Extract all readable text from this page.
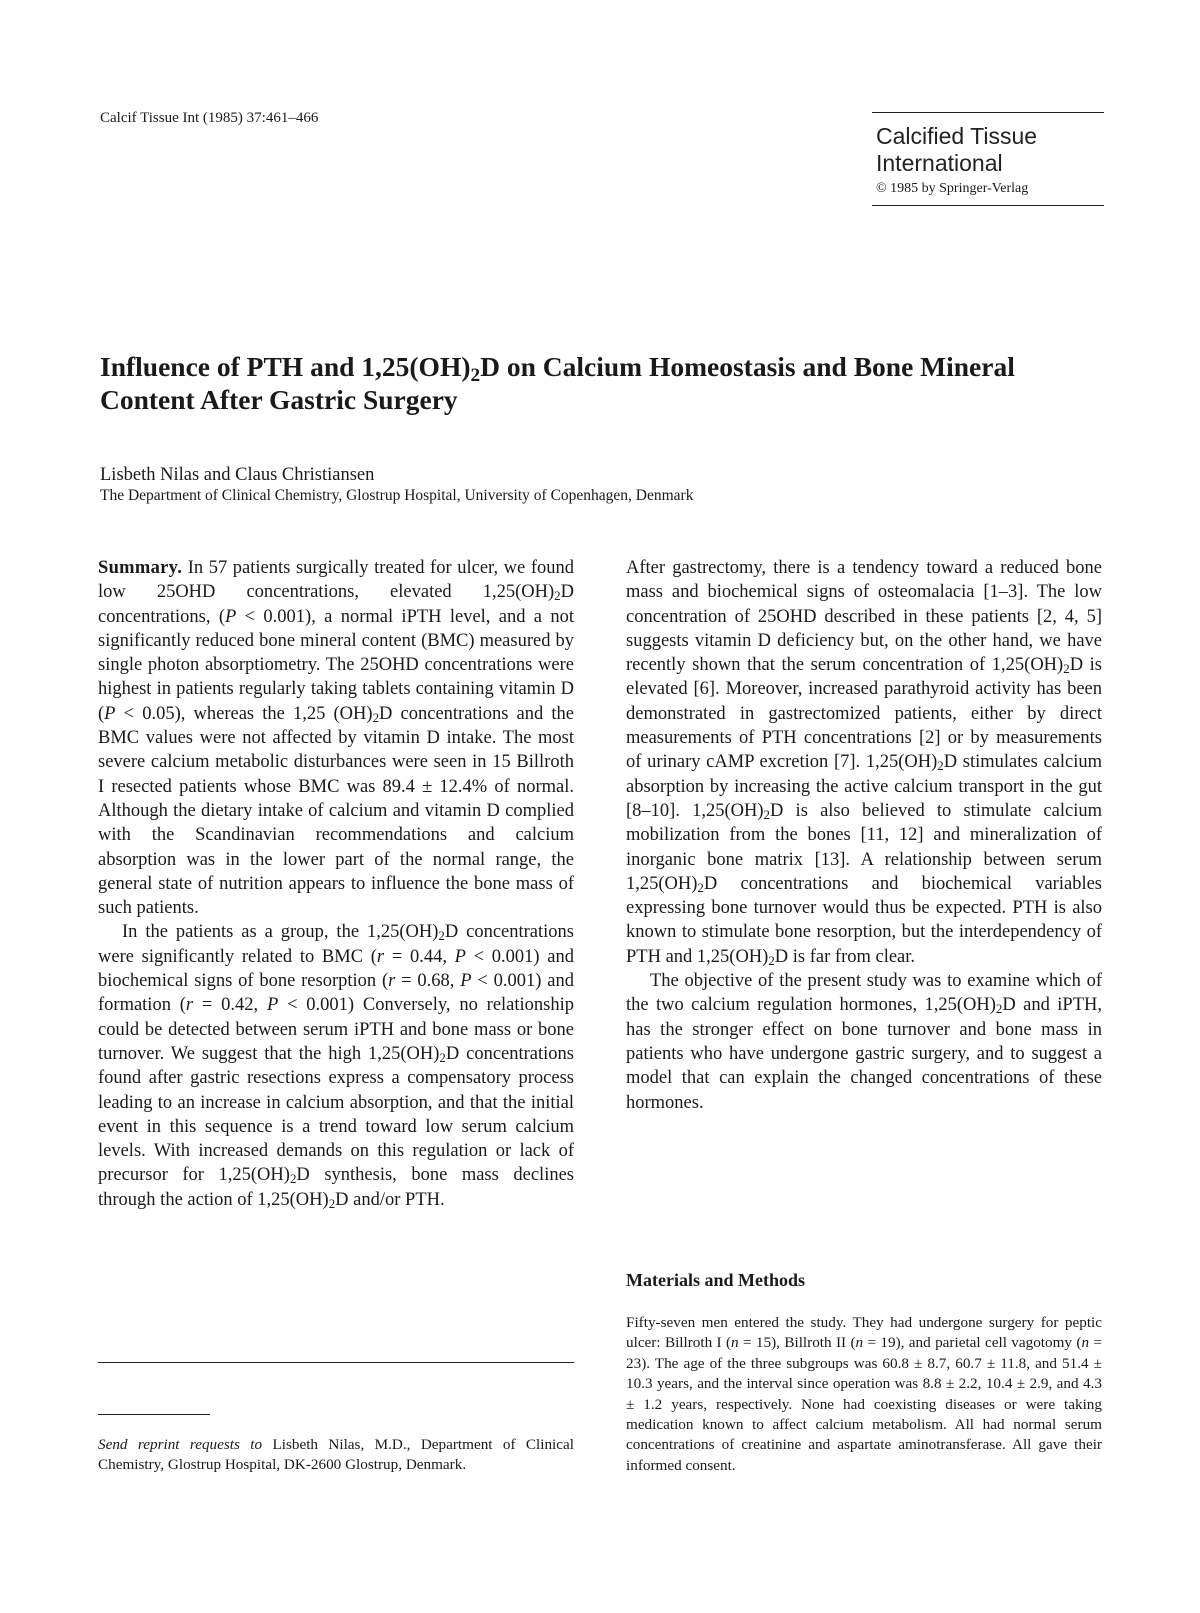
Calcif Tissue Int (1985) 37:461–466
Calcified Tissue
International
© 1985 by Springer-Verlag
Influence of PTH and $1,25(OH)_2D$ on Calcium Homeostasis and Bone Mineral Content After Gastric Surgery
Lisbeth Nilas and Claus Christiansen
The Department of Clinical Chemistry, Glostrup Hospital, University of Copenhagen, Denmark

Summary. In 57 patients surgically treated for ulcer, we found low 25OHD concentrations, elevated $1,25(OH)_2D$ concentrations, (P < 0.001), a normal iPTH level, and a not significantly reduced bone mineral content (BMC) measured by single photon absorptiometry. The 25OHD concentrations were highest in patients regularly taking tablets containing vitamin D (P < 0.05), whereas the 1,25 $(OH)_2D$ concentrations and the BMC values were not affected by vitamin D intake. The most severe calcium metabolic disturbances were seen in 15 Billroth I resected patients whose BMC was 89.4 ± 12.4% of normal. Although the dietary intake of calcium and vitamin D complied with the Scandinavian recommendations and calcium absorption was in the lower part of the normal range, the general state of nutrition appears to influence the bone mass of such patients.

In the patients as a group, the $1,25(OH)_2D$ concentrations were significantly related to BMC (r = 0.44, P < 0.001) and biochemical signs of bone resorption (r = 0.68, P < 0.001) and formation (r = 0.42, P < 0.001) Conversely, no relationship could be detected between serum iPTH and bone mass or bone turnover. We suggest that the high $1,25(OH)_2D$ concentrations found after gastric resections express a compensatory process leading to an increase in calcium absorption, and that the initial event in this sequence is a trend toward low serum calcium levels. With increased demands on this regulation or lack of precursor for $1,25(OH)_2D$ synthesis, bone mass declines through the action of $1,25(OH)_2D$ and/or PTH.

After gastrectomy, there is a tendency toward a reduced bone mass and biochemical signs of osteomalacia [1–3]. The low concentration of 25OHD described in these patients [2, 4, 5] suggests vitamin D deficiency but, on the other hand, we have recently shown that the serum concentration of $1,25(OH)_2D$ is elevated [6]. Moreover, increased parathyroid activity has been demonstrated in gastrectomized patients, either by direct measurements of PTH concentrations [2] or by measurements of urinary cAMP excretion [7]. $1,25(OH)_2D$ stimulates calcium absorption by increasing the active calcium transport in the gut [8–10]. $1,25(OH)_2D$ is also believed to stimulate calcium mobilization from the bones [11, 12] and mineralization of inorganic bone matrix [13]. A relationship between serum $1,25(OH)_2D$ concentrations and biochemical variables expressing bone turnover would thus be expected. PTH is also known to stimulate bone resorption, but the interdependency of PTH and $1,25(OH)_2D$ is far from clear.

The objective of the present study was to examine which of the two calcium regulation hormones, $1,25(OH)_2D$ and iPTH, has the stronger effect on bone turnover and bone mass in patients who have undergone gastric surgery, and to suggest a model that can explain the changed concentrations of these hormones.

Materials and Methods

Fifty-seven men entered the study. They had undergone surgery for peptic ulcer: Billroth I (n = 15), Billroth II (n = 19), and parietal cell vagotomy (n = 23). The age of the three subgroups was 60.8 ± 8.7, 60.7 ± 11.8, and 51.4 ± 10.3 years, and the interval since operation was 8.8 ± 2.2, 10.4 ± 2.9, and 4.3 ± 1.2 years, respectively. None had coexisting diseases or were taking medication known to affect calcium metabolism. All had normal serum concentrations of creatinine and aspartate aminotransferase. All gave their informed consent.

Send reprint requests to Lisbeth Nilas, M.D., Department of Clinical Chemistry, Glostrup Hospital, DK-2600 Glostrup, Denmark.
